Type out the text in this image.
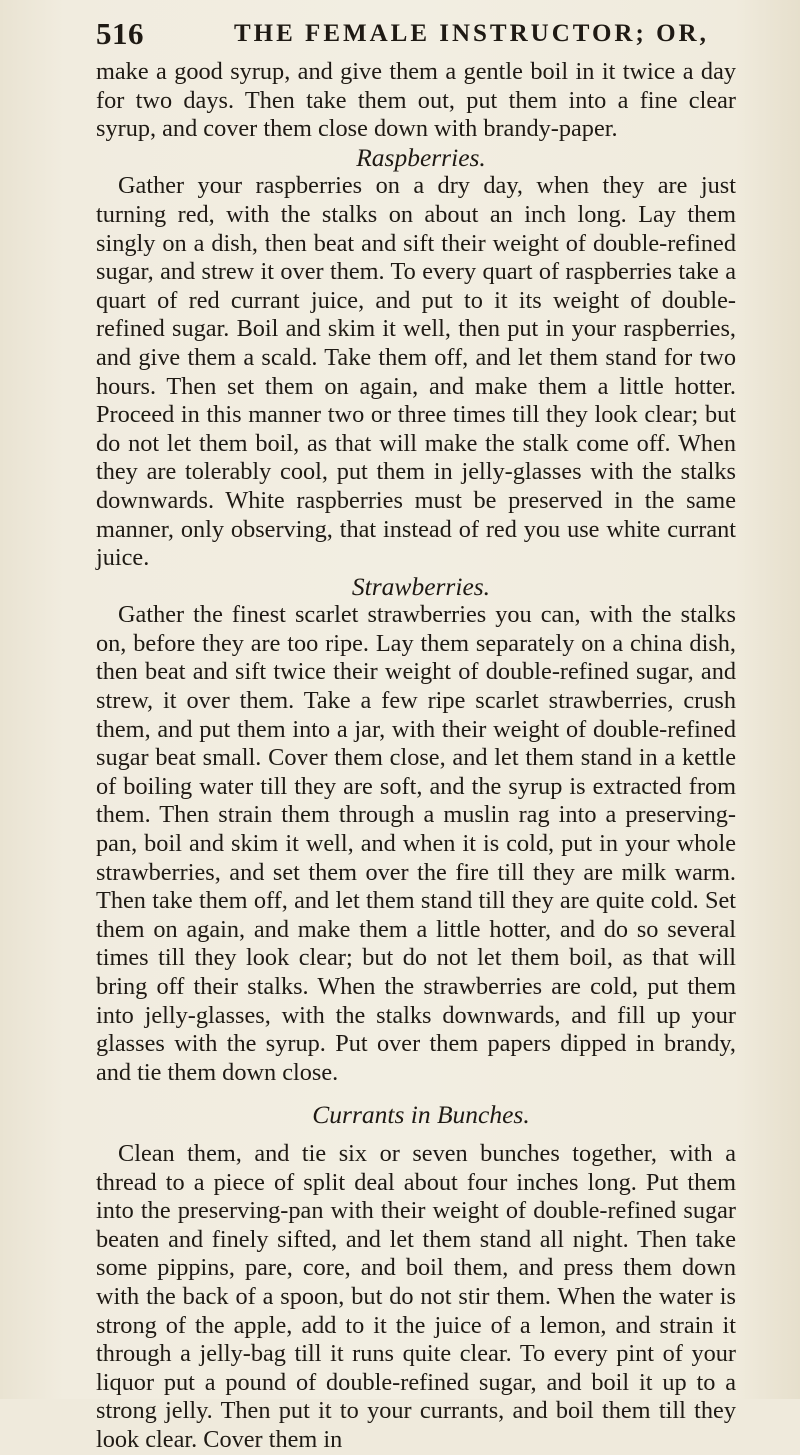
516	THE FEMALE INSTRUCTOR; OR,

make a good syrup, and give them a gentle boil in it twice a day for two days. Then take them out, put them into a fine clear syrup, and cover them close down with brandy-paper.

Raspberries.

Gather your raspberries on a dry day, when they are just turning red, with the stalks on about an inch long. Lay them singly on a dish, then beat and sift their weight of double-refined sugar, and strew it over them. To every quart of raspberries take a quart of red currant juice, and put to it its weight of double-refined sugar. Boil and skim it well, then put in your raspberries, and give them a scald. Take them off, and let them stand for two hours. Then set them on again, and make them a little hotter. Proceed in this manner two or three times till they look clear; but do not let them boil, as that will make the stalk come off. When they are tolerably cool, put them in jelly-glasses with the stalks downwards. White raspberries must be preserved in the same manner, only observing, that instead of red you use white currant juice.

Strawberries.

Gather the finest scarlet strawberries you can, with the stalks on, before they are too ripe. Lay them separately on a china dish, then beat and sift twice their weight of double-refined sugar, and strew, it over them. Take a few ripe scarlet strawberries, crush them, and put them into a jar, with their weight of double-refined sugar beat small. Cover them close, and let them stand in a kettle of boiling water till they are soft, and the syrup is extracted from them. Then strain them through a muslin rag into a preserving-pan, boil and skim it well, and when it is cold, put in your whole strawberries, and set them over the fire till they are milk warm. Then take them off, and let them stand till they are quite cold. Set them on again, and make them a little hotter, and do so several times till they look clear; but do not let them boil, as that will bring off their stalks. When the strawberries are cold, put them into jelly-glasses, with the stalks downwards, and fill up your glasses with the syrup. Put over them papers dipped in brandy, and tie them down close.

Currants in Bunches.

Clean them, and tie six or seven bunches together, with a thread to a piece of split deal about four inches long. Put them into the preserving-pan with their weight of double-refined sugar beaten and finely sifted, and let them stand all night. Then take some pippins, pare, core, and boil them, and press them down with the back of a spoon, but do not stir them. When the water is strong of the apple, add to it the juice of a lemon, and strain it through a jelly-bag till it runs quite clear. To every pint of your liquor put a pound of double-refined sugar, and boil it up to a strong jelly. Then put it to your currants, and boil them till they look clear. Cover them in
